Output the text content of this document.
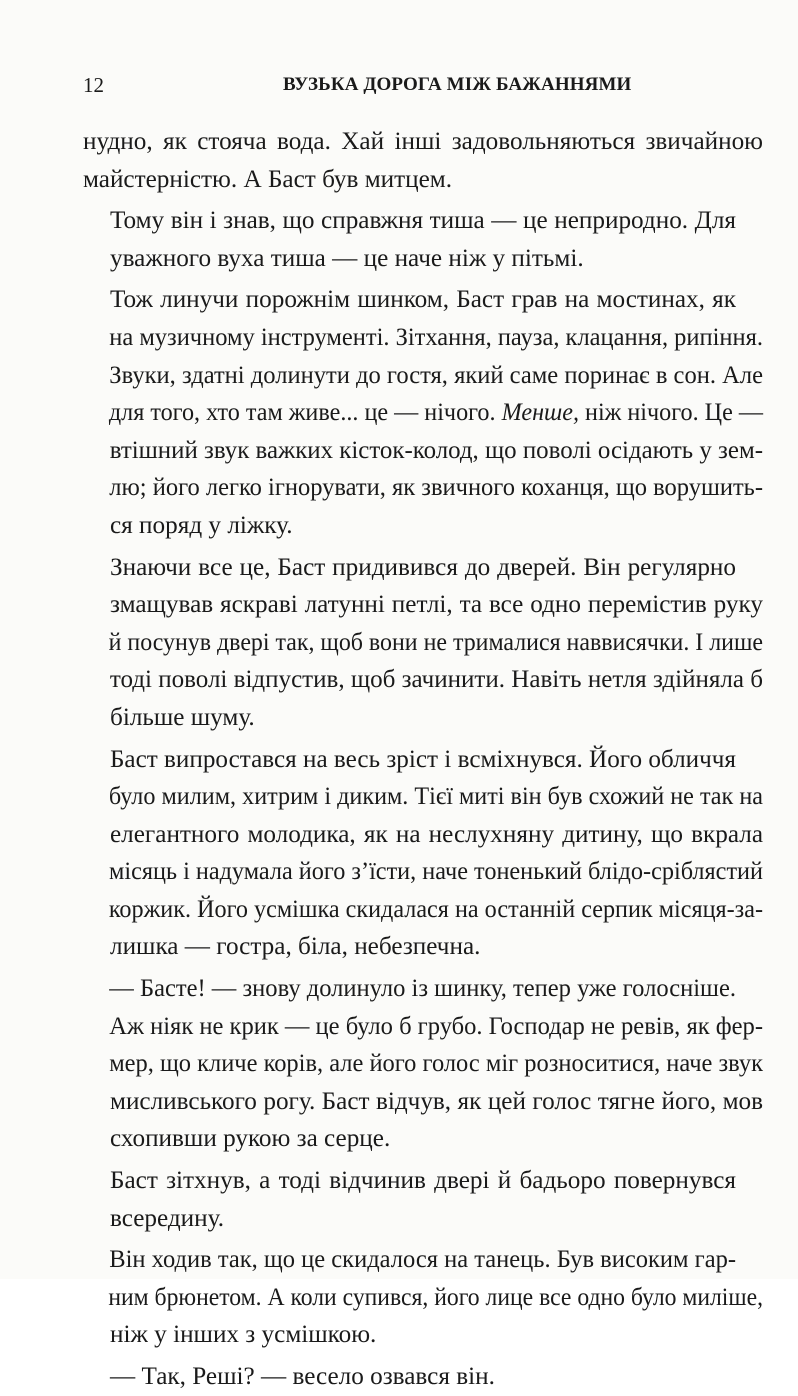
12	ВУЗЬКА ДОРОГА МІЖ БАЖАННЯМИ

нудно, як стояча вода. Хай інші задовольняються звичайною
майстерністю. А Баст був митцем.

Тому він і знав, що справжня тиша — це неприродно. Для
уважного вуха тиша — це наче ніж у пітьмі.

Тож линучи порожнім шинком, Баст грав на мостинах, як
на музичному інструменті. Зітхання, пауза, клацання, рипіння.
Звуки, здатні долинути до гостя, який саме поринає в сон. Але
для того, хто там живе... це — нічого. Менше, ніж нічого. Це —
втішний звук важких кісток-колод, що поволі осідають у зем-
лю; його легко ігнорувати, як звичного коханця, що ворушить-
ся поряд у ліжку.

Знаючи все це, Баст придивився до дверей. Він регулярно
змащував яскраві латунні петлі, та все одно перемістив руку
й посунув двері так, щоб вони не трималися наввисячки. І лише
тоді поволі відпустив, щоб зачинити. Навіть нетля здійняла б
більше шуму.

Баст випростався на весь зріст і всміхнувся. Його обличчя
було милим, хитрим і диким. Тієї миті він був схожий не так на
елегантного молодика, як на неслухняну дитину, що вкрала
місяць і надумала його з’їсти, наче тоненький блідо-сріблястий
коржик. Його усмішка скидалася на останній серпик місяця-за-
лишка — гостра, біла, небезпечна.

— Басте! — знову долинуло із шинку, тепер уже голосніше.
Аж ніяк не крик — це було б грубо. Господар не ревів, як фер-
мер, що кличе корів, але його голос міг розноситися, наче звук
мисливського рогу. Баст відчув, як цей голос тягне його, мов
схопивши рукою за серце.

Баст зітхнув, а тоді відчинив двері й бадьоро повернувся
всередину.

Він ходив так, що це скидалося на танець. Був високим гар-
ним брюнетом. А коли супився, його лице все одно було миліше,
ніж у інших з усмішкою.

— Так, Реші? — весело озвався він.
